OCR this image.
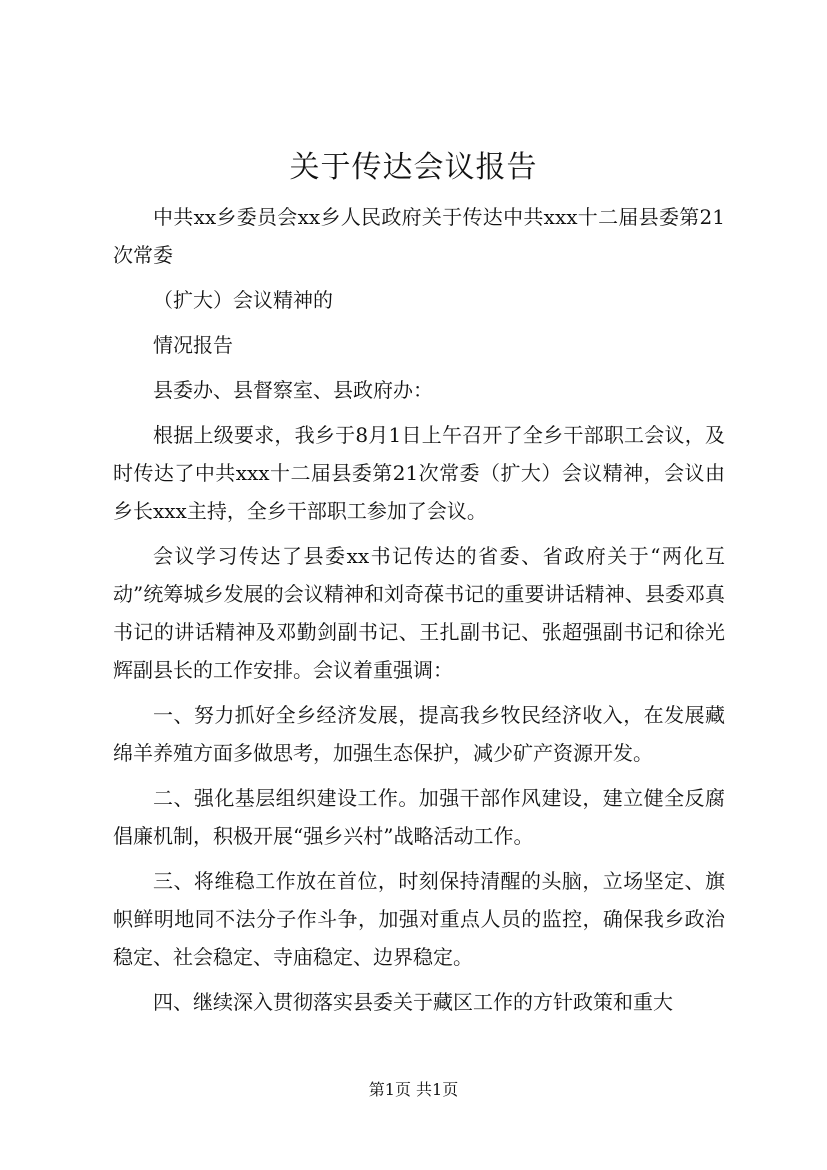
关于传达会议报告

中共xx乡委员会xx乡人民政府关于传达中共xxx十二届县委第21次常委

（扩大）会议精神的

情况报告

县委办、县督察室、县政府办：

根据上级要求，我乡于8月1日上午召开了全乡干部职工会议，及时传达了中共xxx十二届县委第21次常委（扩大）会议精神，会议由乡长xxx主持，全乡干部职工参加了会议。

会议学习传达了县委xx书记传达的省委、省政府关于“两化互动”统筹城乡发展的会议精神和刘奇葆书记的重要讲话精神、县委邓真书记的讲话精神及邓勤剑副书记、王扎副书记、张超强副书记和徐光辉副县长的工作安排。会议着重强调：

一、努力抓好全乡经济发展，提高我乡牧民经济收入，在发展藏绵羊养殖方面多做思考，加强生态保护，减少矿产资源开发。

二、强化基层组织建设工作。加强干部作风建设，建立健全反腐倡廉机制，积极开展“强乡兴村”战略活动工作。

三、将维稳工作放在首位，时刻保持清醒的头脑，立场坚定、旗帜鲜明地同不法分子作斗争，加强对重点人员的监控，确保我乡政治稳定、社会稳定、寺庙稳定、边界稳定。

四、继续深入贯彻落实县委关于藏区工作的方针政策和重大

第1页 共1页
